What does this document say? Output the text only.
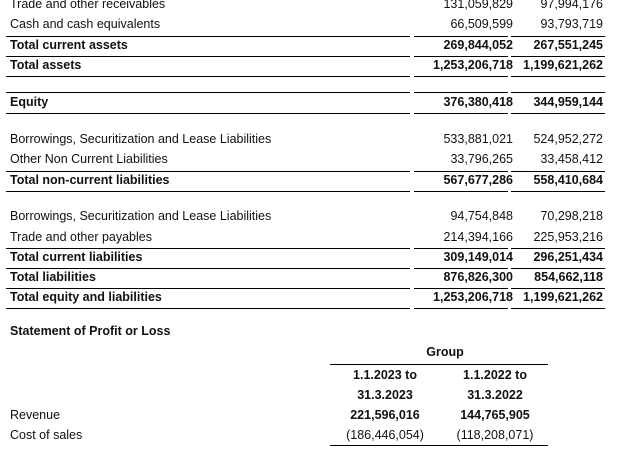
Trade and other receivables	131,059,829 97,994,176
Cash and cash equivalents	66,509,599 93,793,719
Total current assets	269,844,052 267,551,245
Total assets	1,253,206,718 1,199,621,262
Equity	376,380,418 344,959,144
Borrowings, Securitization and Lease Liabilities	533,881,021 524,952,272
Other Non Current Liabilities	33,796,265 33,458,412
Total non-current liabilities	567,677,286 558,410,684
Borrowings, Securitization and Lease Liabilities	94,754,848 70,298,218
Trade and other payables	214,394,166 225,953,216
Total current liabilities	309,149,014 296,251,434
Total liabilities	876,826,300 854,662,118
Total equity and liabilities	1,253,206,718 1,199,621,262
Statement of Profit or Loss
Group
1.1.2023 to	1.1.2022 to
31.3.2023	31.3.2022
Revenue	221,596,016	144,765,905
Cost of sales	(186,446,054)	(118,208,071)
